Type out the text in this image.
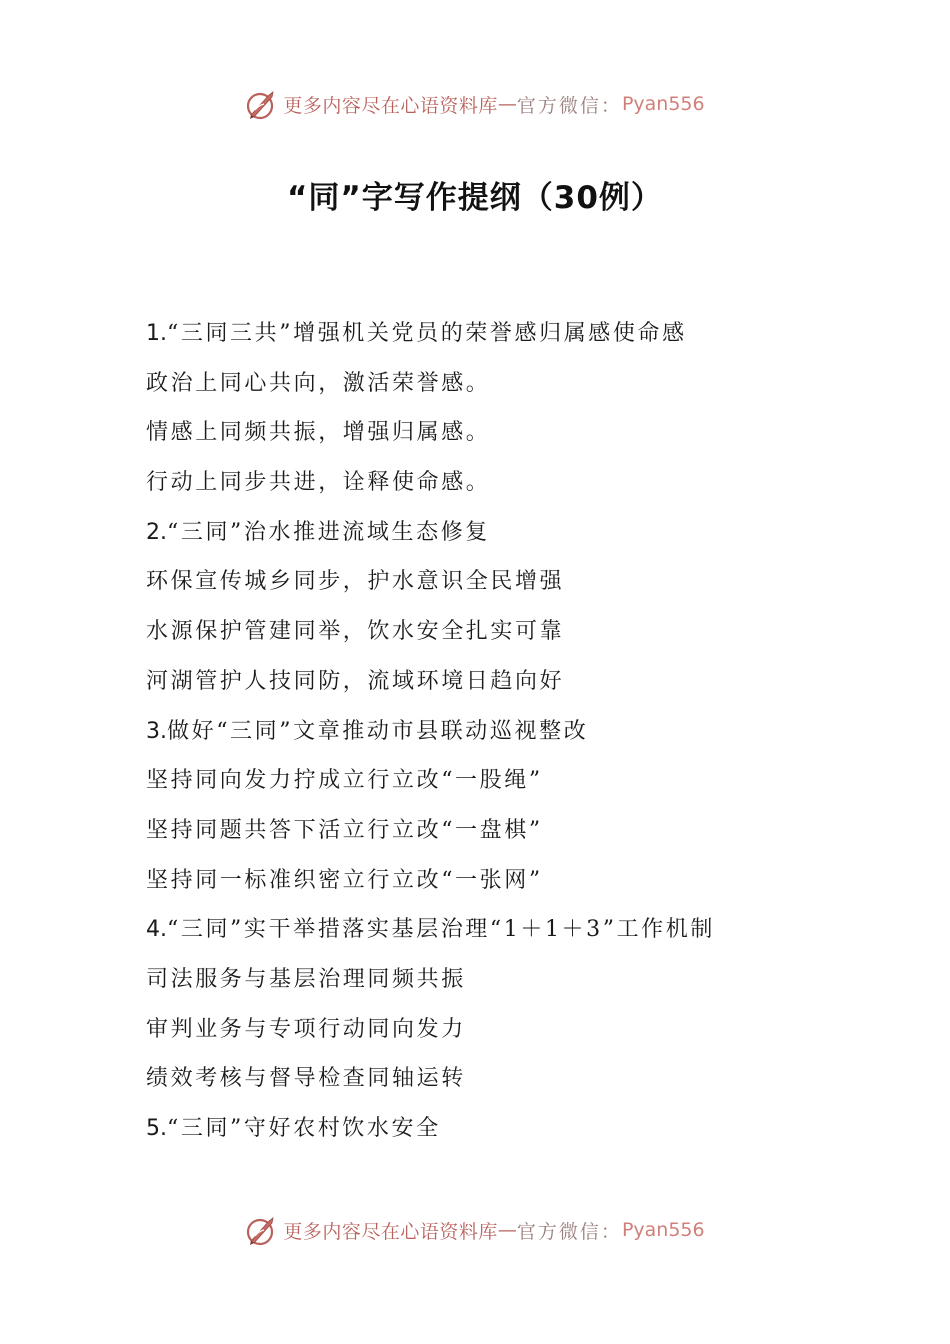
更多内容尽在心语资料库 — 官方微信： Pyan556
“同”字写作提纲（30例）
1.“三同三共”增强机关党员的荣誉感归属感使命感
政治上同心共向，激活荣誉感。
情感上同频共振，增强归属感。
行动上同步共进，诠释使命感。
2.“三同”治水推进流域生态修复
环保宣传城乡同步，护水意识全民增强
水源保护管建同举，饮水安全扎实可靠
河湖管护人技同防，流域环境日趋向好
3.做好“三同”文章推动市县联动巡视整改
坚持同向发力拧成立行立改“一股绳”
坚持同题共答下活立行立改“一盘棋”
坚持同一标准织密立行立改“一张网”
4.“三同”实干举措落实基层治理“1＋1＋3”工作机制
司法服务与基层治理同频共振
审判业务与专项行动同向发力
绩效考核与督导检查同轴运转
5.“三同”守好农村饮水安全
更多内容尽在心语资料库 — 官方微信： Pyan556
